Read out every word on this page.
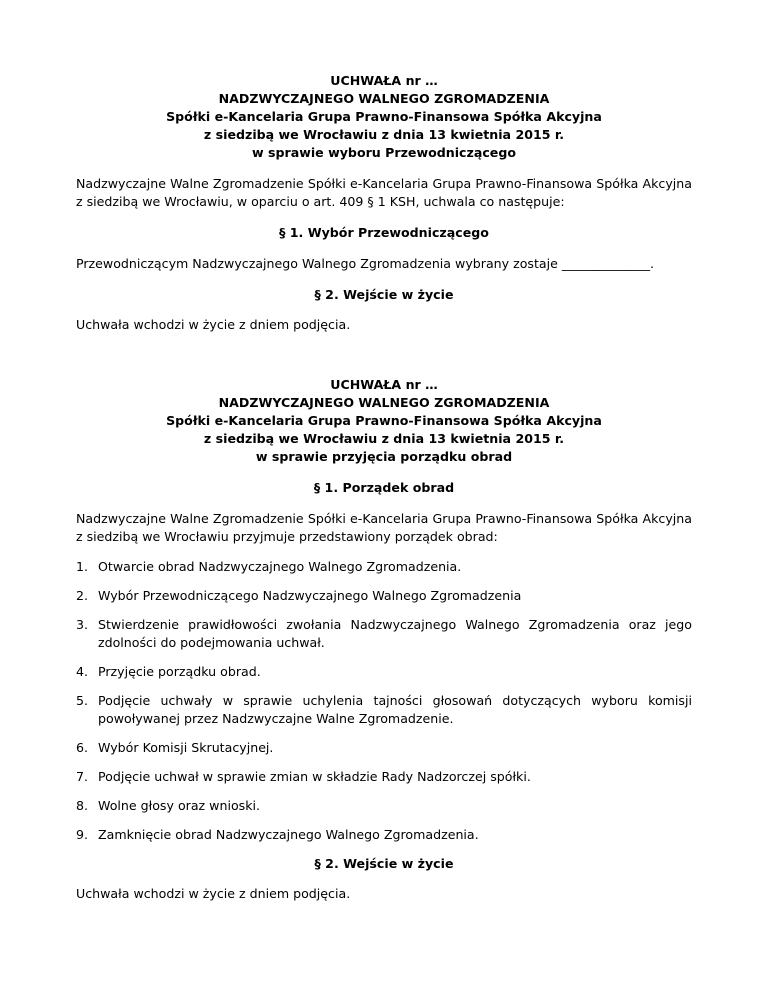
UCHWAŁA nr …
NADZWYCZAJNEGO WALNEGO ZGROMADZENIA
Spółki e-Kancelaria Grupa Prawno-Finansowa Spółka Akcyjna
z siedzibą we Wrocławiu z dnia 13 kwietnia 2015 r.
w sprawie wyboru Przewodniczącego

Nadzwyczajne Walne Zgromadzenie Spółki e-Kancelaria Grupa Prawno-Finansowa Spółka Akcyjna z siedzibą we Wrocławiu, w oparciu o art. 409 § 1 KSH, uchwala co następuje:

§ 1. Wybór Przewodniczącego

Przewodniczącym Nadzwyczajnego Walnego Zgromadzenia wybrany zostaje ______________.

§ 2. Wejście w życie

Uchwała wchodzi w życie z dniem podjęcia.

UCHWAŁA nr …
NADZWYCZAJNEGO WALNEGO ZGROMADZENIA
Spółki e-Kancelaria Grupa Prawno-Finansowa Spółka Akcyjna
z siedzibą we Wrocławiu z dnia 13 kwietnia 2015 r.
w sprawie przyjęcia porządku obrad

§ 1. Porządek obrad

Nadzwyczajne Walne Zgromadzenie Spółki e-Kancelaria Grupa Prawno-Finansowa Spółka Akcyjna z siedzibą we Wrocławiu przyjmuje przedstawiony porządek obrad:

1. Otwarcie obrad Nadzwyczajnego Walnego Zgromadzenia.
2. Wybór Przewodniczącego Nadzwyczajnego Walnego Zgromadzenia
3. Stwierdzenie prawidłowości zwołania Nadzwyczajnego Walnego Zgromadzenia oraz jego zdolności do podejmowania uchwał.
4. Przyjęcie porządku obrad.
5. Podjęcie uchwały w sprawie uchylenia tajności głosowań dotyczących wyboru komisji powoływanej przez Nadzwyczajne Walne Zgromadzenie.
6. Wybór Komisji Skrutacyjnej.
7. Podjęcie uchwał w sprawie zmian w składzie Rady Nadzorczej spółki.
8. Wolne głosy oraz wnioski.
9. Zamknięcie obrad Nadzwyczajnego Walnego Zgromadzenia.

§ 2. Wejście w życie

Uchwała wchodzi w życie z dniem podjęcia.
